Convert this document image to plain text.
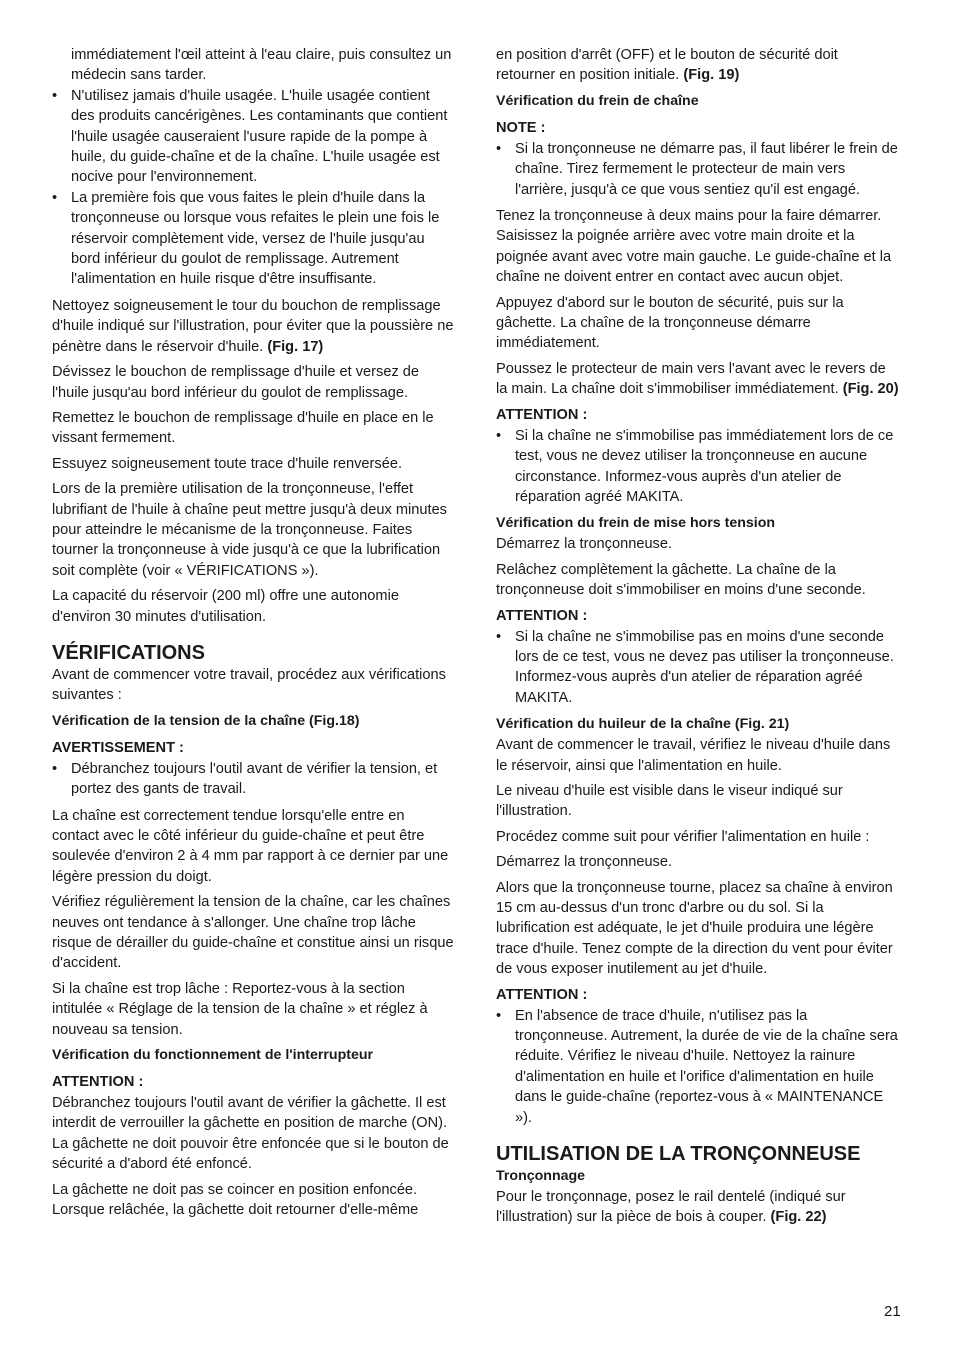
immédiatement l'œil atteint à l'eau claire, puis consultez un médecin sans tarder.
• N'utilisez jamais d'huile usagée. L'huile usagée contient des produits cancérigènes. Les contaminants que contient l'huile usagée causeraient l'usure rapide de la pompe à huile, du guide-chaîne et de la chaîne. L'huile usagée est nocive pour l'environnement.
• La première fois que vous faites le plein d'huile dans la tronçonneuse ou lorsque vous refaites le plein une fois le réservoir complètement vide, versez de l'huile jusqu'au bord inférieur du goulot de remplissage. Autrement l'alimentation en huile risque d'être insuffisante.

Nettoyez soigneusement le tour du bouchon de remplissage d'huile indiqué sur l'illustration, pour éviter que la poussière ne pénètre dans le réservoir d'huile. (Fig. 17)

Dévissez le bouchon de remplissage d'huile et versez de l'huile jusqu'au bord inférieur du goulot de remplissage.

Remettez le bouchon de remplissage d'huile en place en le vissant fermement.

Essuyez soigneusement toute trace d'huile renversée.

Lors de la première utilisation de la tronçonneuse, l'effet lubrifiant de l'huile à chaîne peut mettre jusqu'à deux minutes pour atteindre le mécanisme de la tronçonneuse. Faites tourner la tronçonneuse à vide jusqu'à ce que la lubrification soit complète (voir « VÉRIFICATIONS »).

La capacité du réservoir (200 ml) offre une autonomie d'environ 30 minutes d'utilisation.

VÉRIFICATIONS

Avant de commencer votre travail, procédez aux vérifications suivantes :

Vérification de la tension de la chaîne (Fig.18)
AVERTISSEMENT :
• Débranchez toujours l'outil avant de vérifier la tension, et portez des gants de travail.

La chaîne est correctement tendue lorsqu'elle entre en contact avec le côté inférieur du guide-chaîne et peut être soulevée d'environ 2 à 4 mm par rapport à ce dernier par une légère pression du doigt.

Vérifiez régulièrement la tension de la chaîne, car les chaînes neuves ont tendance à s'allonger. Une chaîne trop lâche risque de dérailler du guide-chaîne et constitue ainsi un risque d'accident.

Si la chaîne est trop lâche : Reportez-vous à la section intitulée « Réglage de la tension de la chaîne » et réglez à nouveau sa tension.

Vérification du fonctionnement de l'interrupteur
ATTENTION :

Débranchez toujours l'outil avant de vérifier la gâchette. Il est interdit de verrouiller la gâchette en position de marche (ON). La gâchette ne doit pouvoir être enfoncée que si le bouton de sécurité a d'abord été enfoncé.

La gâchette ne doit pas se coincer en position enfoncée. Lorsque relâchée, la gâchette doit retourner d'elle-même

en position d'arrêt (OFF) et le bouton de sécurité doit retourner en position initiale. (Fig. 19)

Vérification du frein de chaîne
NOTE :
• Si la tronçonneuse ne démarre pas, il faut libérer le frein de chaîne. Tirez fermement le protecteur de main vers l'arrière, jusqu'à ce que vous sentiez qu'il est engagé.

Tenez la tronçonneuse à deux mains pour la faire démarrer. Saisissez la poignée arrière avec votre main droite et la poignée avant avec votre main gauche. Le guide-chaîne et la chaîne ne doivent entrer en contact avec aucun objet.

Appuyez d'abord sur le bouton de sécurité, puis sur la gâchette. La chaîne de la tronçonneuse démarre immédiatement.

Poussez le protecteur de main vers l'avant avec le revers de la main. La chaîne doit s'immobiliser immédiatement. (Fig. 20)

ATTENTION :
• Si la chaîne ne s'immobilise pas immédiatement lors de ce test, vous ne devez utiliser la tronçonneuse en aucune circonstance. Informez-vous auprès d'un atelier de réparation agréé MAKITA.
Vérification du frein de mise hors tension

Démarrez la tronçonneuse.

Relâchez complètement la gâchette. La chaîne de la tronçonneuse doit s'immobiliser en moins d'une seconde.

ATTENTION :
• Si la chaîne ne s'immobilise pas en moins d'une seconde lors de ce test, vous ne devez pas utiliser la tronçonneuse. Informez-vous auprès d'un atelier de réparation agréé MAKITA.
Vérification du huileur de la chaîne (Fig. 21)

Avant de commencer le travail, vérifiez le niveau d'huile dans le réservoir, ainsi que l'alimentation en huile.

Le niveau d'huile est visible dans le viseur indiqué sur l'illustration.

Procédez comme suit pour vérifier l'alimentation en huile :

Démarrez la tronçonneuse.

Alors que la tronçonneuse tourne, placez sa chaîne à environ 15 cm au-dessus d'un tronc d'arbre ou du sol. Si la lubrification est adéquate, le jet d'huile produira une légère trace d'huile. Tenez compte de la direction du vent pour éviter de vous exposer inutilement au jet d'huile.

ATTENTION :
• En l'absence de trace d'huile, n'utilisez pas la tronçonneuse. Autrement, la durée de vie de la chaîne sera réduite. Vérifiez le niveau d'huile. Nettoyez la rainure d'alimentation en huile et l'orifice d'alimentation en huile dans le guide-chaîne (reportez-vous à « MAINTENANCE »).
UTILISATION DE LA TRONÇONNEUSE
Tronçonnage

Pour le tronçonnage, posez le rail dentelé (indiqué sur l'illustration) sur la pièce de bois à couper. (Fig. 22)

21
